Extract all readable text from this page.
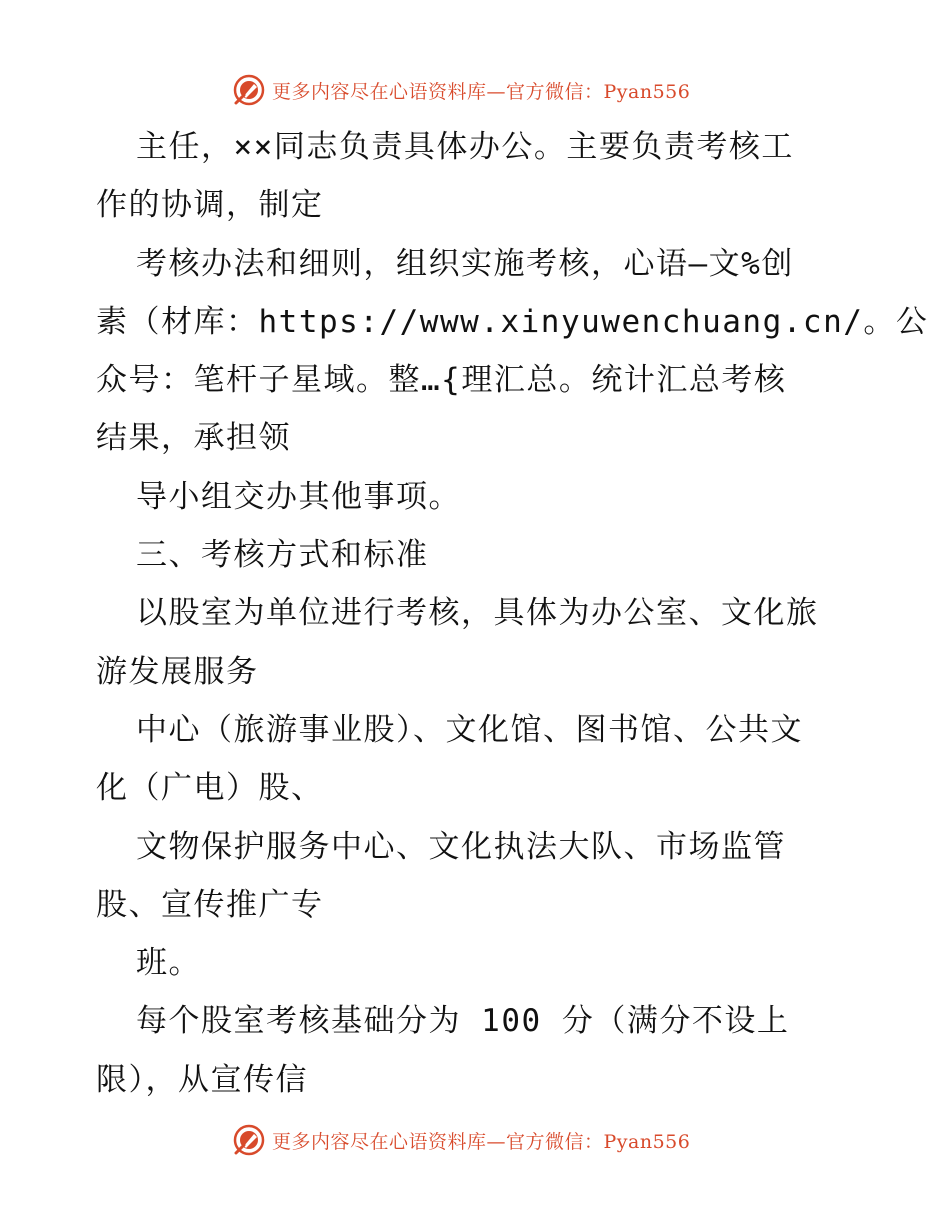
更多内容尽在心语资料库—官方微信：Pyan556
主任，××同志负责具体办公。主要负责考核工
作的协调，制定
考核办法和细则，组织实施考核，心语—文%创
素（材库：https://www.xinyuwenchuang.cn/。公
众号：笔杆子星域。整…{理汇总。统计汇总考核
结果，承担领
导小组交办其他事项。
三、考核方式和标准
以股室为单位进行考核，具体为办公室、文化旅
游发展服务
中心（旅游事业股）、文化馆、图书馆、公共文
化（广电）股、
文物保护服务中心、文化执法大队、市场监管
股、宣传推广专
班。
每个股室考核基础分为 100 分（满分不设上
限），从宣传信
更多内容尽在心语资料库—官方微信：Pyan556
